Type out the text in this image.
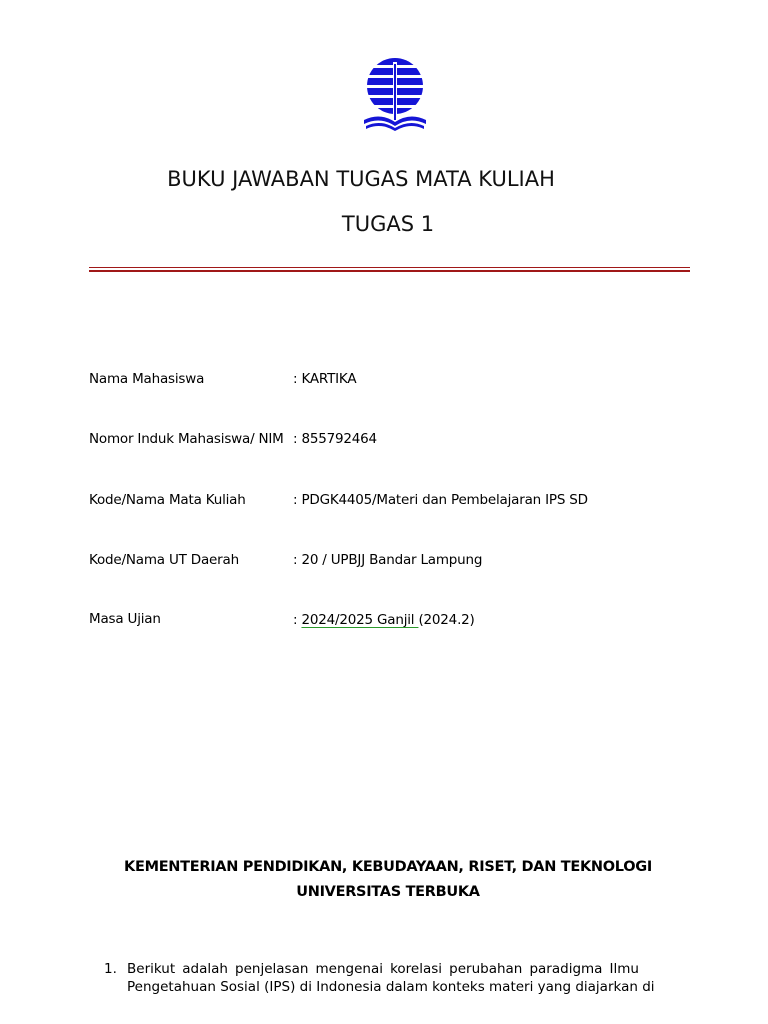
BUKU JAWABAN TUGAS MATA KULIAH
TUGAS 1
Nama Mahasiswa	: KARTIKA
Nomor Induk Mahasiswa/ NIM : 855792464
Kode/Nama Mata Kuliah	: PDGK4405/Materi dan Pembelajaran IPS SD
Kode/Nama UT Daerah	: 20 / UPBJJ Bandar Lampung
Masa Ujian	: 2024/2025 Ganjil (2024.2)
KEMENTERIAN PENDIDIKAN, KEBUDAYAAN, RISET, DAN TEKNOLOGI
UNIVERSITAS TERBUKA
1. Berikut adalah penjelasan mengenai korelasi perubahan paradigma Ilmu
Pengetahuan Sosial (IPS) di Indonesia dalam konteks materi yang diajarkan di
